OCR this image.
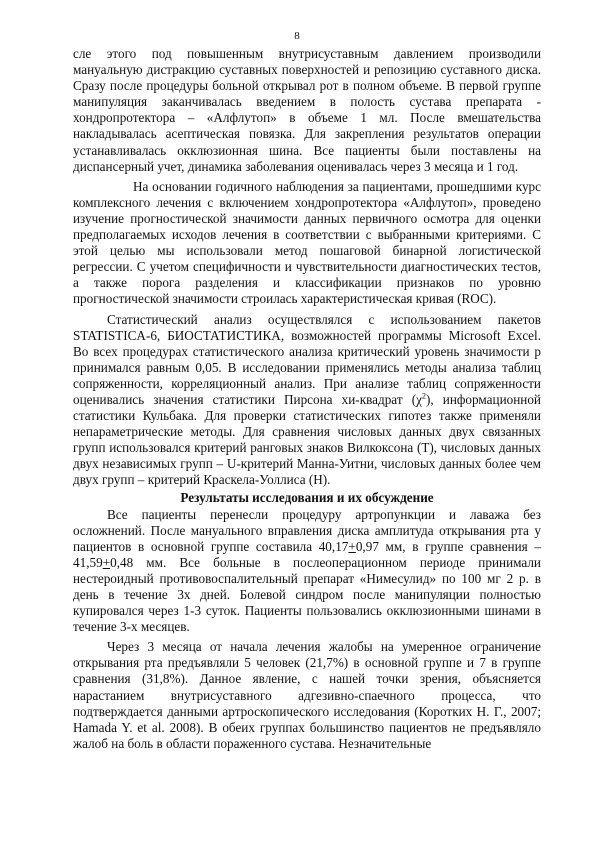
8

сле этого под повышенным внутрисуставным давлением производили мануальную дистракцию суставных поверхностей и репозицию суставного диска. Сразу после процедуры больной открывал рот в полном объеме. В первой группе манипуляция заканчивалась введением в полость сустава препарата - хондропротектора – «Алфлутоп» в объеме 1 мл. После вмешательства накладывалась асептическая повязка. Для закрепления результатов операции устанавливалась окклюзионная шина. Все пациенты были поставлены на диспансерный учет, динамика заболевания оценивалась через 3 месяца и 1 год.

На основании годичного наблюдения за пациентами, прошедшими курс комплексного лечения с включением хондропротектора «Алфлутоп», проведено изучение прогностической значимости данных первичного осмотра для оценки предполагаемых исходов лечения в соответствии с выбранными критериями. С этой целью мы использовали метод пошаговой бинарной логистической регрессии. С учетом специфичности и чувствительности диагностических тестов, а также порога разделения и классификации признаков по уровню прогностической значимости строилась характеристическая кривая (ROC).

Статистический анализ осуществлялся с использованием пакетов STATISTICA-6, БИОСТАТИСТИКА, возможностей программы Microsoft Excel. Во всех процедурах статистического анализа критический уровень значимости p принимался равным 0,05. В исследовании применялись методы анализа таблиц сопряженности, корреляционный анализ. При анализе таблиц сопряженности оценивались значения статистики Пирсона хи-квадрат $(\chi^2)$, информационной статистики Кульбака. Для проверки статистических гипотез также применяли непараметрические методы. Для сравнения числовых данных двух связанных групп использовался критерий ранговых знаков Вилкоксона (Т), числовых данных двух независимых групп – U-критерий Манна-Уитни, числовых данных более чем двух групп – критерий Краскела-Уоллиса (Н).

Результаты исследования и их обсуждение

Все пациенты перенесли процедуру артропункции и лаважа без осложнений. После мануального вправления диска амплитуда открывания рта у пациентов в основной группе составила 40,17+0,97 мм, в группе сравнения – 41,59+0,48 мм. Все больные в послеоперационном периоде принимали нестероидный противовоспалительный препарат «Нимесулид» по 100 мг 2 р. в день в течение 3х дней. Болевой синдром после манипуляции полностью купировался через 1-3 суток. Пациенты пользовались окклюзионными шинами в течение 3-х месяцев.

Через 3 месяца от начала лечения жалобы на умеренное ограничение открывания рта предъявляли 5 человек (21,7%) в основной группе и 7 в группе сравнения (31,8%). Данное явление, с нашей точки зрения, объясняется нарастанием внутрисуставного адгезивно-спаечного процесса, что подтверждается данными артроскопического исследования (Коротких Н. Г., 2007; Hamada Y. et al. 2008). В обеих группах большинство пациентов не предъявляло жалоб на боль в области пораженного сустава. Незначительные
